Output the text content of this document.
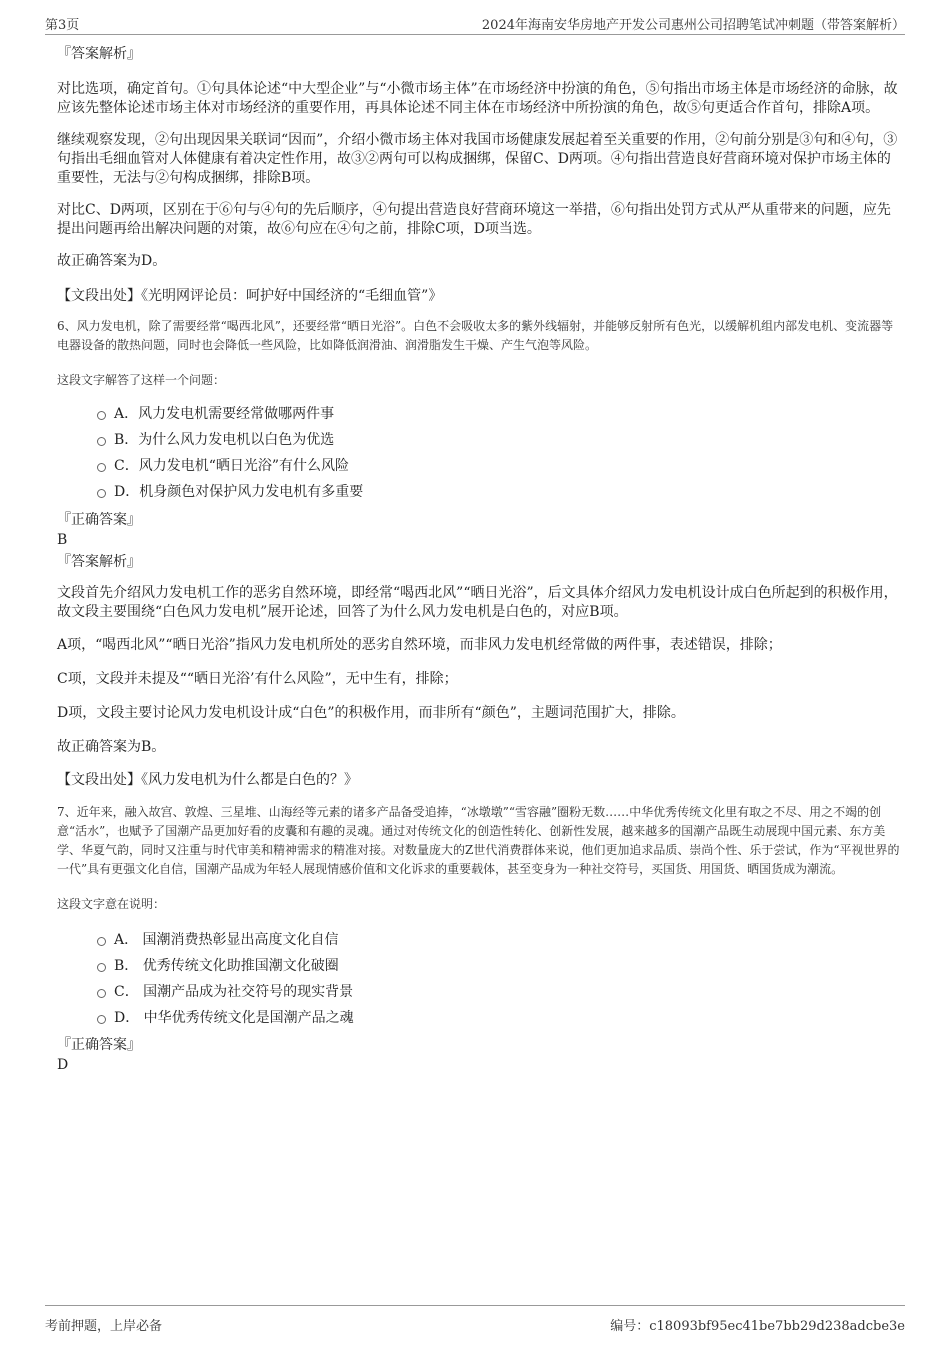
第3页	2024年海南安华房地产开发公司惠州公司招聘笔试冲刺题（带答案解析）
『答案解析』

对比选项，确定首句。①句具体论述“中大型企业”与“小微市场主体”在市场经济中扮演的角色，⑤句指出市场主体是市场经济的命脉，故应该先整体论述市场主体对市场经济的重要作用，再具体论述不同主体在市场经济中所扮演的角色，故⑤句更适合作首句，排除A项。

继续观察发现，②句出现因果关联词“因而”，介绍小微市场主体对我国市场健康发展起着至关重要的作用，②句前分别是③句和④句，③句指出毛细血管对人体健康有着决定性作用，故③②两句可以构成捆绑，保留C、D两项。④句指出营造良好营商环境对保护市场主体的重要性，无法与②句构成捆绑，排除B项。

对比C、D两项，区别在于⑥句与④句的先后顺序，④句提出营造良好营商环境这一举措，⑥句指出处罚方式从严从重带来的问题，应先提出问题再给出解决问题的对策，故⑥句应在④句之前，排除C项，D项当选。

故正确答案为D。

【文段出处】《光明网评论员：呵护好中国经济的“毛细血管”》

6、风力发电机，除了需要经常“喝西北风”，还要经常“晒日光浴”。白色不会吸收太多的紫外线辐射，并能够反射所有色光，以缓解机组内部发电机、变流器等电器设备的散热问题，同时也会降低一些风险，比如降低润滑油、润滑脂发生干燥、产生气泡等风险。

这段文字解答了这样一个问题：

A．风力发电机需要经常做哪两件事
B．为什么风力发电机以白色为优选
C．风力发电机“晒日光浴”有什么风险
D．机身颜色对保护风力发电机有多重要
『正确答案』
B
『答案解析』

文段首先介绍风力发电机工作的恶劣自然环境，即经常“喝西北风”“晒日光浴”，后文具体介绍风力发电机设计成白色所起到的积极作用，故文段主要围绕“白色风力发电机”展开论述，回答了为什么风力发电机是白色的，对应B项。

A项，“喝西北风”“晒日光浴”指风力发电机所处的恶劣自然环境，而非风力发电机经常做的两件事，表述错误，排除；

C项，文段并未提及““晒日光浴’有什么风险”，无中生有，排除；

D项，文段主要讨论风力发电机设计成“白色”的积极作用，而非所有“颜色”，主题词范围扩大，排除。

故正确答案为B。

【文段出处】《风力发电机为什么都是白色的？》

7、近年来，融入故宫、敦煌、三星堆、山海经等元素的诸多产品备受追捧，“冰墩墩”“雪容融”圈粉无数……中华优秀传统文化里有取之不尽、用之不竭的创意“活水”，也赋予了国潮产品更加好看的皮囊和有趣的灵魂。通过对传统文化的创造性转化、创新性发展，越来越多的国潮产品既生动展现中国元素、东方美学、华夏气韵，同时又注重与时代审美和精神需求的精准对接。对数量庞大的Z世代消费群体来说，他们更加追求品质、崇尚个性、乐于尝试，作为“平视世界的一代”具有更强文化自信，国潮产品成为年轻人展现情感价值和文化诉求的重要载体，甚至变身为一种社交符号，买国货、用国货、晒国货成为潮流。

这段文字意在说明：

A． 国潮消费热彰显出高度文化自信
B． 优秀传统文化助推国潮文化破圈
C． 国潮产品成为社交符号的现实背景
D． 中华优秀传统文化是国潮产品之魂
『正确答案』
D
考前押题，上岸必备	编号：c18093bf95ec41be7bb29d238adcbe3e
